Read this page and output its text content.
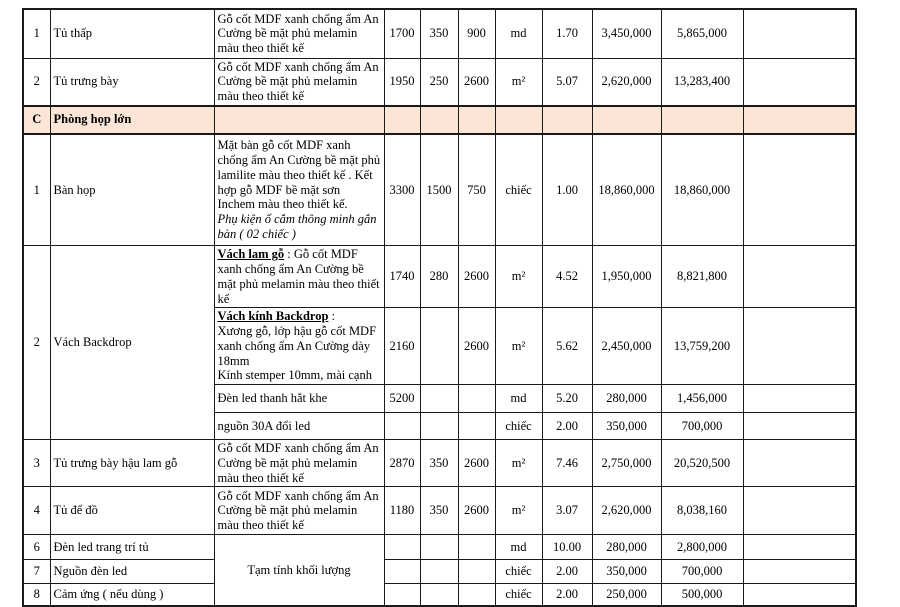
1	Tủ thấp	Gỗ cốt MDF xanh chống ẩm An Cường bề mặt phủ melamin màu theo thiết kế	1700	350	900	md	1.70	3,450,000	5,865,000	
2	Tủ trưng bày	Gỗ cốt MDF xanh chống ẩm An Cường bề mặt phủ melamin màu theo thiết kế	1950	250	2600	m²	5.07	2,620,000	13,283,400	
C	Phòng họp lớn									
1	Bàn họp	Mặt bàn gỗ cốt MDF xanh chống ẩm An Cường bề mặt phủ lamilite màu theo thiết kế . Kết hợp gỗ MDF bề mặt sơn Inchem màu theo thiết kế.
Phụ kiện ổ cắm thông minh gắn bàn ( 02 chiếc )	3300	1500	750	chiếc	1.00	18,860,000	18,860,000	
2	Vách Backdrop	Vách lam gỗ : Gỗ cốt MDF xanh chống ẩm An Cường bề mặt phủ melamin màu theo thiết kế	1740	280	2600	m²	4.52	1,950,000	8,821,800	

		Vách kính Backdrop :
Xương gỗ, lớp hậu gỗ cốt MDF xanh chống ẩm An Cường dày 18mm
Kính stemper 10mm, mài cạnh	2160		2600	m²	5.62	2,450,000	13,759,200	
		Đèn led thanh hắt khe	5200			md	5.20	280,000	1,456,000	
		nguồn 30A đổi led				chiếc	2.00	350,000	700,000	
3	Tủ trưng bày hậu lam gỗ	Gỗ cốt MDF xanh chống ẩm An Cường bề mặt phủ melamin màu theo thiết kế	2870	350	2600	m²	7.46	2,750,000	20,520,500	
4	Tủ để đồ	Gỗ cốt MDF xanh chống ẩm An Cường bề mặt phủ melamin màu theo thiết kế	1180	350	2600	m²	3.07	2,620,000	8,038,160	
6	Đèn led trang trí tủ	Tạm tính khối lượng				md	10.00	280,000	2,800,000	
7	Nguồn đèn led					chiếc	2.00	350,000	700,000	
8	Cảm ứng ( nếu dùng )					chiếc	2.00	250,000	500,000	
